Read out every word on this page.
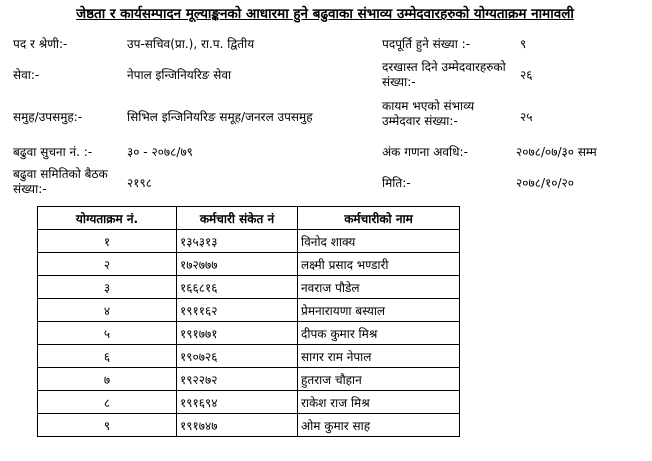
जेष्ठता र कार्यसम्पादन मूल्याङ्कनको आधारमा हुने बढुवाका संभाव्य उम्मेदवारहरुको योग्यताक्रम नामावली
पद र श्रेणी:-	उप-सचिव(प्रा.), रा.प. द्वितीय
सेवा:-	नेपाल इन्जिनियरिङ सेवा
समुह/उपसमुह:-	सिभिल इन्जिनियरिङ समूह/जनरल उपसमुह
बढुवा सुचना नं. :-	३० - २०७८/७९
बढुवा समितिको बैठक संख्या:-	२१९८
पदपूर्ति हुने संख्या :-	९
दरखास्त दिने उम्मेदवारहरुको संख्या:-	२६
कायम भएको संभाव्य उम्मेदवार संख्या:-	२५
अंक गणना अवधि:-	२०७८/०७/३० सम्म
मिति:-	२०७८/१०/२०
योग्यताक्रम नं.	कर्मचारी संकेत नं	कर्मचारीको नाम
१	१३५३१३	विनोद शाक्य
२	१७२७७७	लक्ष्मी प्रसाद भण्डारी
३	१६६८१६	नवराज पौडेल
४	१९११६२	प्रेमनारायणा बस्याल
५	१९१७७१	दीपक कुमार मिश्र
६	१९०७२६	सागर राम नेपाल
७	१९२२७२	हुतराज चौहान
८	१९१६९४	राकेश राज मिश्र
९	१९१७४७	ओम कुमार साह
